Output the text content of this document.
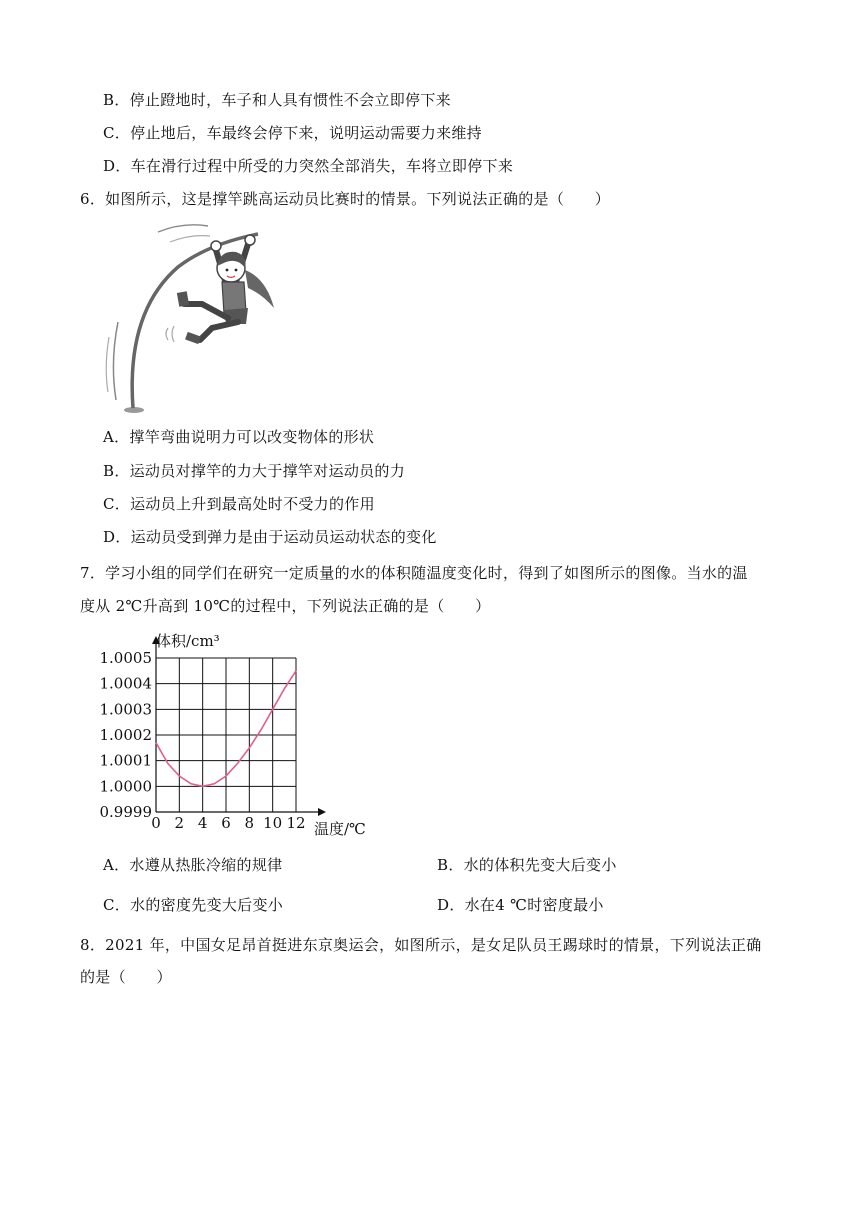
B．停止蹬地时，车子和人具有惯性不会立即停下来
C．停止地后，车最终会停下来，说明运动需要力来维持
D．车在滑行过程中所受的力突然全部消失，车将立即停下来
6．如图所示，这是撑竿跳高运动员比赛时的情景。下列说法正确的是（　　）
A．撑竿弯曲说明力可以改变物体的形状
B．运动员对撑竿的力大于撑竿对运动员的力
C．运动员上升到最高处时不受力的作用
D．运动员受到弹力是由于运动员运动状态的变化
7．学习小组的同学们在研究一定质量的水的体积随温度变化时，得到了如图所示的图像。当水的温
度从 2℃升高到 10℃的过程中，下列说法正确的是（　　）
0 2 4 6 8 10 12
0.9999
1.0000
1.0001
1.0002
1.0003
1.0004
1.0005
体积/cm³
温度/℃
A．水遵从热胀冷缩的规律	B．水的体积先变大后变小
C．水的密度先变大后变小	D．水在4 ℃时密度最小
8．2021 年，中国女足昂首挺进东京奥运会，如图所示，是女足队员王踢球时的情景，下列说法正确
的是（　　）
